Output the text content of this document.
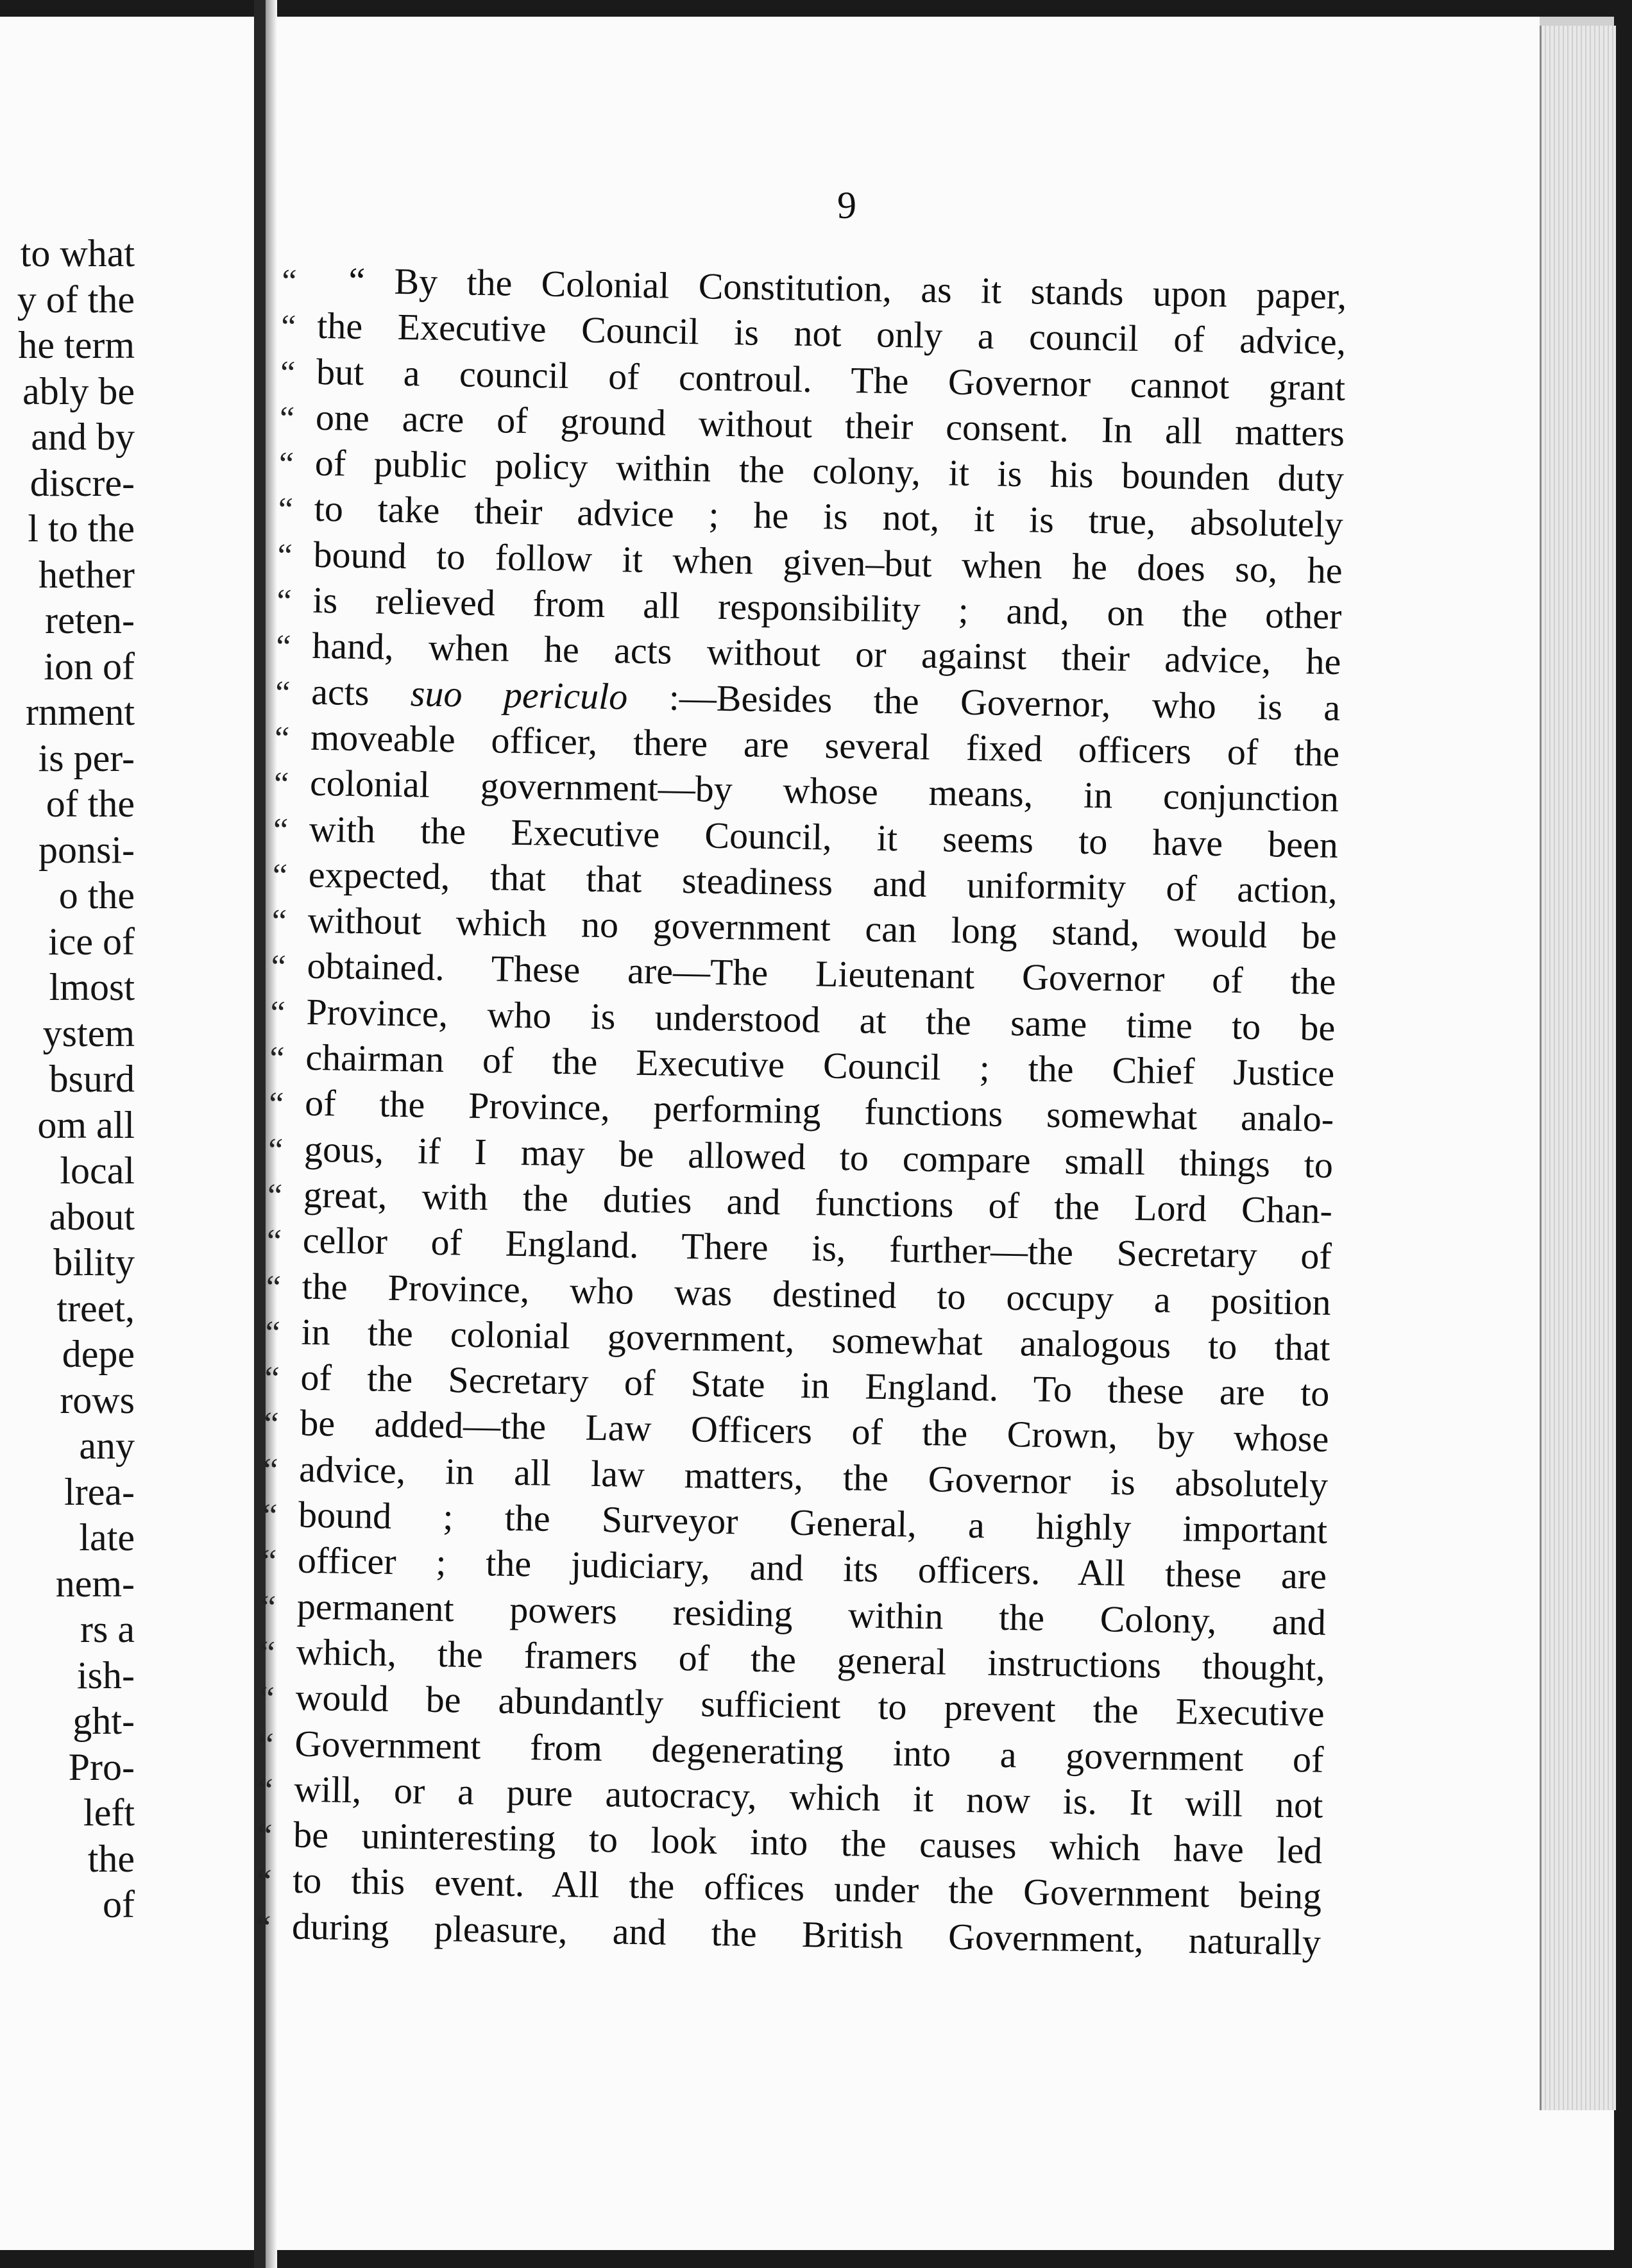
to what
y of the
he term
ably be
and by
discre-
l to the
hether
reten-
ion of
rnment
is per-
of the
ponsi-
o the
ice of
lmost
ystem
bsurd
om all
local
about
bility
treet,
depe
rows
any
lrea-
late
nem-
rs a
ish-
ght-
Pro-
left
the
of
9
“	“ By the Colonial Constitution, as it stands upon paper,
“ the Executive Council is not only a council of advice,
“ but a council of controul. The Governor cannot grant
“ one acre of ground without their consent. In all matters
“ of public policy within the colony, it is his bounden duty
“ to take their advice ; he is not, it is true, absolutely
“ bound to follow it when given–but when he does so, he
“ is relieved from all responsibility ; and, on the other
“ hand, when he acts without or against their advice, he
“ acts suo periculo :—Besides the Governor, who is a
“ moveable officer, there are several fixed officers of the
“ colonial government—by whose means, in conjunction
“ with the Executive Council, it seems to have been
“ expected, that that steadiness and uniformity of action,
“ without which no government can long stand, would be
“ obtained. These are—The Lieutenant Governor of the
“ Province, who is understood at the same time to be
“ chairman of the Executive Council ; the Chief Justice
“ of the Province, performing functions somewhat analo-
“ gous, if I may be allowed to compare small things to
“ great, with the duties and functions of the Lord Chan-
“ cellor of England. There is, further—the Secretary of
“ the Province, who was destined to occupy a position
“ in the colonial government, somewhat analogous to that
“ of the Secretary of State in England. To these are to
“ be added—the Law Officers of the Crown, by whose
“ advice, in all law matters, the Governor is absolutely
“ bound ; the Surveyor General, a highly important
“ officer ; the judiciary, and its officers. All these are
“ permanent powers residing within the Colony, and
“ which, the framers of the general instructions thought,
“ would be abundantly sufficient to prevent the Executive
“ Government from degenerating into a government of
“ will, or a pure autocracy, which it now is. It will not
“ be uninteresting to look into the causes which have led
“ to this event. All the offices under the Government being
“ during pleasure, and the British Government, naturally
